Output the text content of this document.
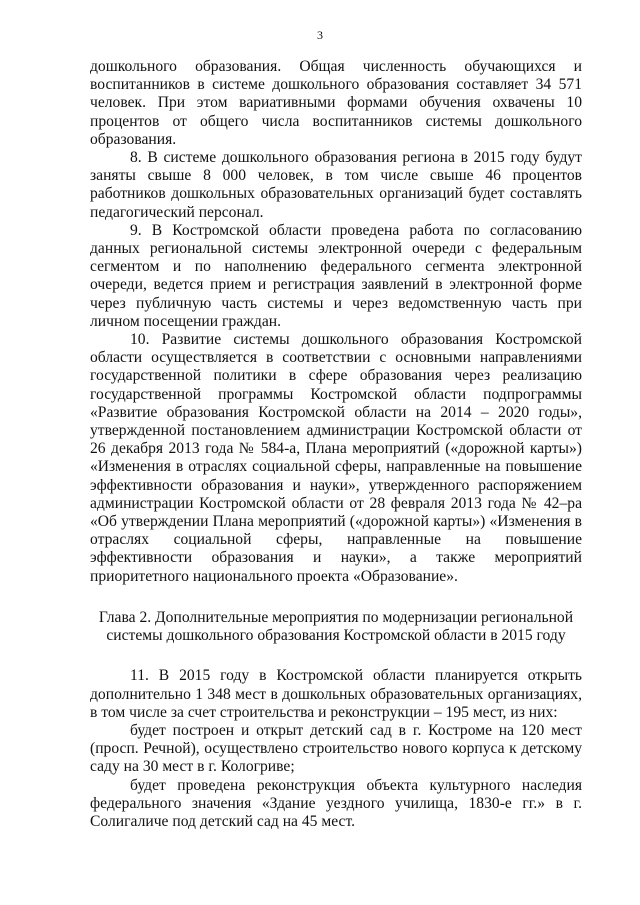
3

дошкольного образования. Общая численность обучающихся и воспитанников в системе дошкольного образования составляет 34 571 человек. При этом вариативными формами обучения охвачены 10 процентов от общего числа воспитанников системы дошкольного образования.

8. В системе дошкольного образования региона в 2015 году будут заняты свыше 8 000 человек, в том числе свыше 46 процентов работников дошкольных образовательных организаций будет составлять педагогический персонал.

9. В Костромской области проведена работа по согласованию данных региональной системы электронной очереди с федеральным сегментом и по наполнению федерального сегмента электронной очереди, ведется прием и регистрация заявлений в электронной форме через публичную часть системы и через ведомственную часть при личном посещении граждан.

10. Развитие системы дошкольного образования Костромской области осуществляется в соответствии с основными направлениями государственной политики в сфере образования через реализацию государственной программы Костромской области подпрограммы «Развитие образования Костромской области на 2014 – 2020 годы», утвержденной постановлением администрации Костромской области от 26 декабря 2013 года № 584-а, Плана мероприятий («дорожной карты») «Изменения в отраслях социальной сферы, направленные на повышение эффективности образования и науки», утвержденного распоряжением администрации Костромской области от 28 февраля 2013 года № 42–ра «Об утверждении Плана мероприятий («дорожной карты») «Изменения в отраслях социальной сферы, направленные на повышение эффективности образования и науки», а также мероприятий приоритетного национального проекта «Образование».

Глава 2. Дополнительные мероприятия по модернизации региональной системы дошкольного образования Костромской области в 2015 году

11. В 2015 году в Костромской области планируется открыть дополнительно 1 348 мест в дошкольных образовательных организациях, в том числе за счет строительства и реконструкции – 195 мест, из них:

будет построен и открыт детский сад в г. Костроме на 120 мест (просп. Речной), осуществлено строительство нового корпуса к детскому саду на 30 мест в г. Кологриве;

будет проведена реконструкция объекта культурного наследия федерального значения «Здание уездного училища, 1830-е гг.» в г. Солигаличе под детский сад на 45 мест.
